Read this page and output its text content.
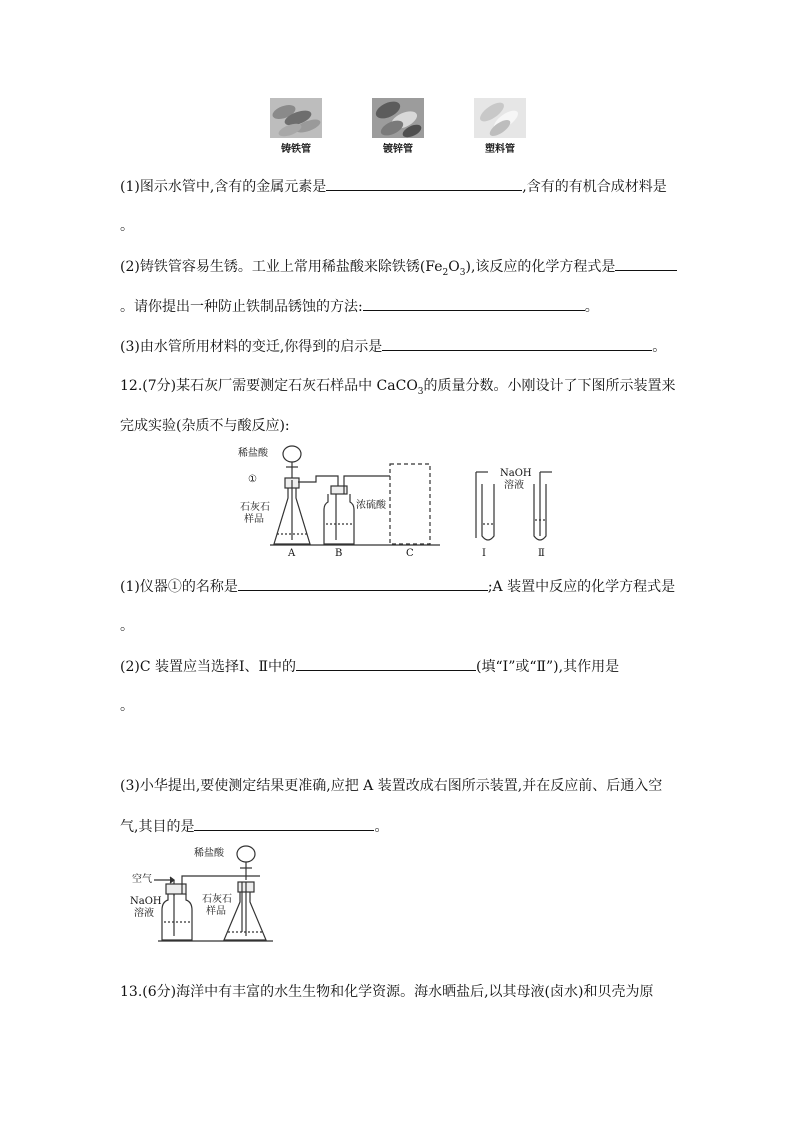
铸铁管	镀锌管	塑料管
(1)图示水管中,含有的金属元素是	,含有的有机合成材料是
。
(2)铸铁管容易生锈。工业上常用稀盐酸来除铁锈$(Fe_2O_3)$,该反应的化学方程式是
。请你提出一种防止铁制品锈蚀的方法:	。
(3)由水管所用材料的变迁,你得到的启示是	。
12.(7分)某石灰厂需要测定石灰石样品中 CaCO$_3$的质量分数。小刚设计了下图所示装置来
完成实验(杂质不与酸反应):
稀盐酸
①
石灰石
样品
浓硫酸
A	B	C
NaOH
溶液
Ⅰ	Ⅱ
(1)仪器①的名称是	;A 装置中反应的化学方程式是
。
(2)C 装置应当选择Ⅰ、Ⅱ中的	(填“Ⅰ”或“Ⅱ”),其作用是
。
(3)小华提出,要使测定结果更准确,应把 A 装置改成右图所示装置,并在反应前、后通入空
气,其目的是	。
稀盐酸
空气
NaOH
溶液
石灰石
样品
13.(6分)海洋中有丰富的水生生物和化学资源。海水晒盐后,以其母液(卤水)和贝壳为原
